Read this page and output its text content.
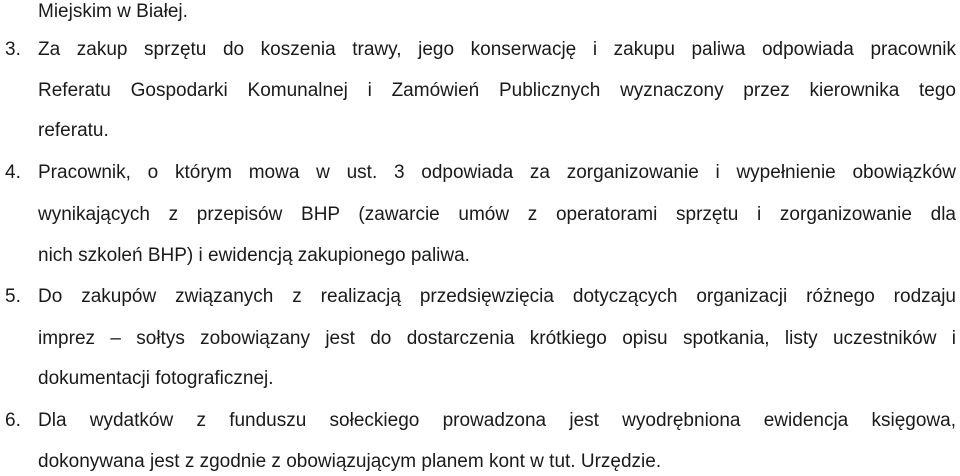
Miejskim w Białej.
3. Za zakup sprzętu do koszenia trawy, jego konserwację i zakupu paliwa odpowiada pracownik
Referatu Gospodarki Komunalnej i Zamówień Publicznych wyznaczony przez kierownika tego
referatu.
4. Pracownik, o którym mowa w ust. 3 odpowiada za zorganizowanie i wypełnienie obowiązków
wynikających z przepisów BHP (zawarcie umów z operatorami sprzętu i zorganizowanie dla
nich szkoleń BHP) i ewidencją zakupionego paliwa.
5. Do zakupów związanych z realizacją przedsięwzięcia dotyczących organizacji różnego rodzaju
imprez – sołtys zobowiązany jest do dostarczenia krótkiego opisu spotkania, listy uczestników i
dokumentacji fotograficznej.
6. Dla wydatków z funduszu sołeckiego prowadzona jest wyodrębniona ewidencja księgowa,
dokonywana jest z zgodnie z obowiązującym planem kont w tut. Urzędzie.
